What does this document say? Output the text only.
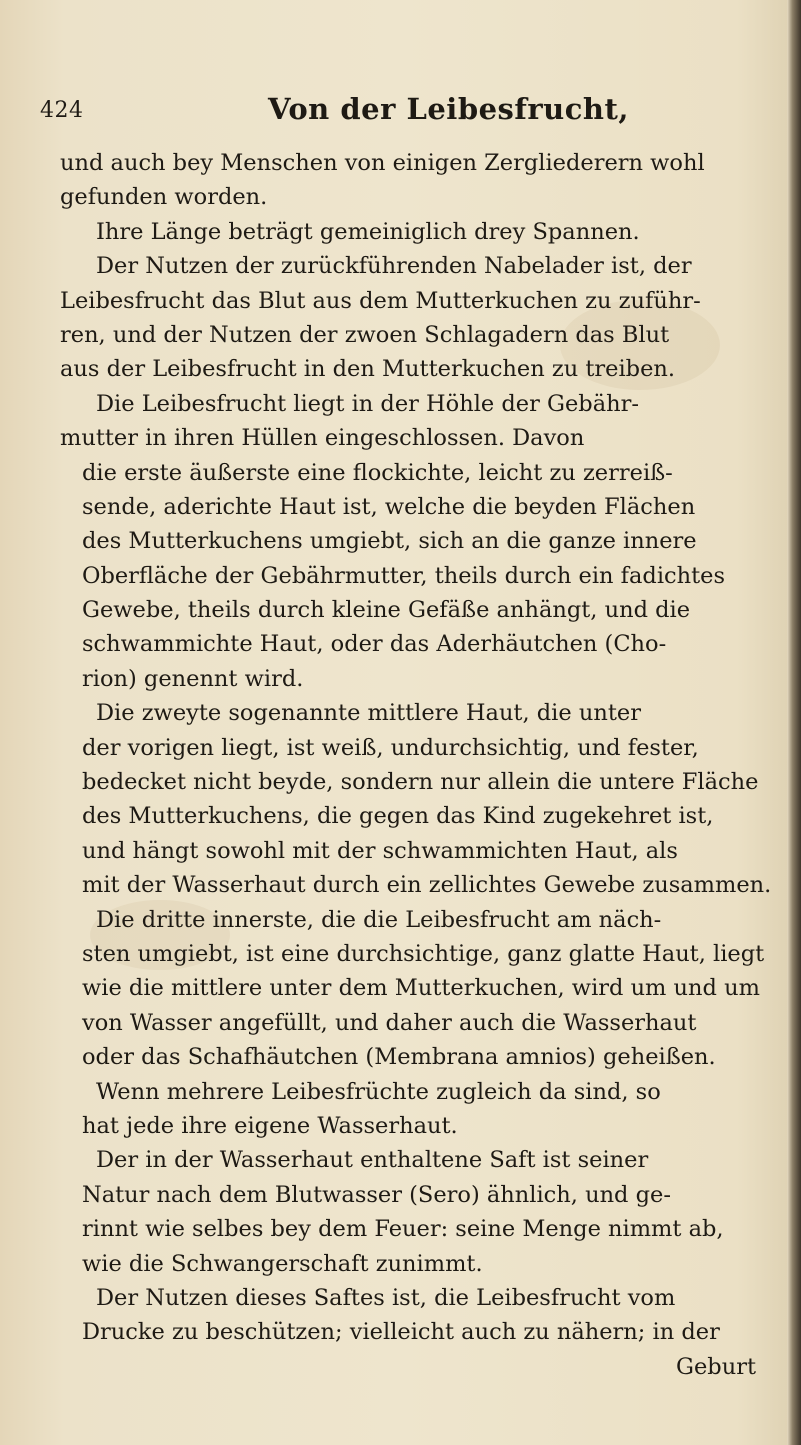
424	Von der Leibesfrucht,
und auch bey Menschen von einigen Zergliederern wohl
gefunden worden.
Ihre Länge beträgt gemeiniglich drey Spannen.
Der Nutzen der zurückführenden Nabelader ist, der
Leibesfrucht das Blut aus dem Mutterkuchen zu zuführ-
ren, und der Nutzen der zwoen Schlagadern das Blut
aus der Leibesfrucht in den Mutterkuchen zu treiben.
Die Leibesfrucht liegt in der Höhle der Gebähr-
mutter in ihren Hüllen eingeschlossen. Davon
die erste äußerste eine flockichte, leicht zu zerreiß-
sende, aderichte Haut ist, welche die beyden Flächen
des Mutterkuchens umgiebt, sich an die ganze innere
Oberfläche der Gebährmutter, theils durch ein fadichtes
Gewebe, theils durch kleine Gefäße anhängt, und die
schwammichte Haut, oder das Aderhäutchen (Cho-
rion) genennt wird.
Die zweyte sogenannte mittlere Haut, die unter
der vorigen liegt, ist weiß, undurchsichtig, und fester,
bedecket nicht beyde, sondern nur allein die untere Fläche
des Mutterkuchens, die gegen das Kind zugekehret ist,
und hängt sowohl mit der schwammichten Haut, als
mit der Wasserhaut durch ein zellichtes Gewebe zusammen.
Die dritte innerste, die die Leibesfrucht am näch-
sten umgiebt, ist eine durchsichtige, ganz glatte Haut, liegt
wie die mittlere unter dem Mutterkuchen, wird um und um
von Wasser angefüllt, und daher auch die Wasserhaut
oder das Schafhäutchen (Membrana amnios) geheißen.
Wenn mehrere Leibesfrüchte zugleich da sind, so
hat jede ihre eigene Wasserhaut.
Der in der Wasserhaut enthaltene Saft ist seiner
Natur nach dem Blutwasser (Sero) ähnlich, und ge-
rinnt wie selbes bey dem Feuer: seine Menge nimmt ab,
wie die Schwangerschaft zunimmt.
Der Nutzen dieses Saftes ist, die Leibesfrucht vom
Drucke zu beschützen; vielleicht auch zu nähern; in der
Geburt
